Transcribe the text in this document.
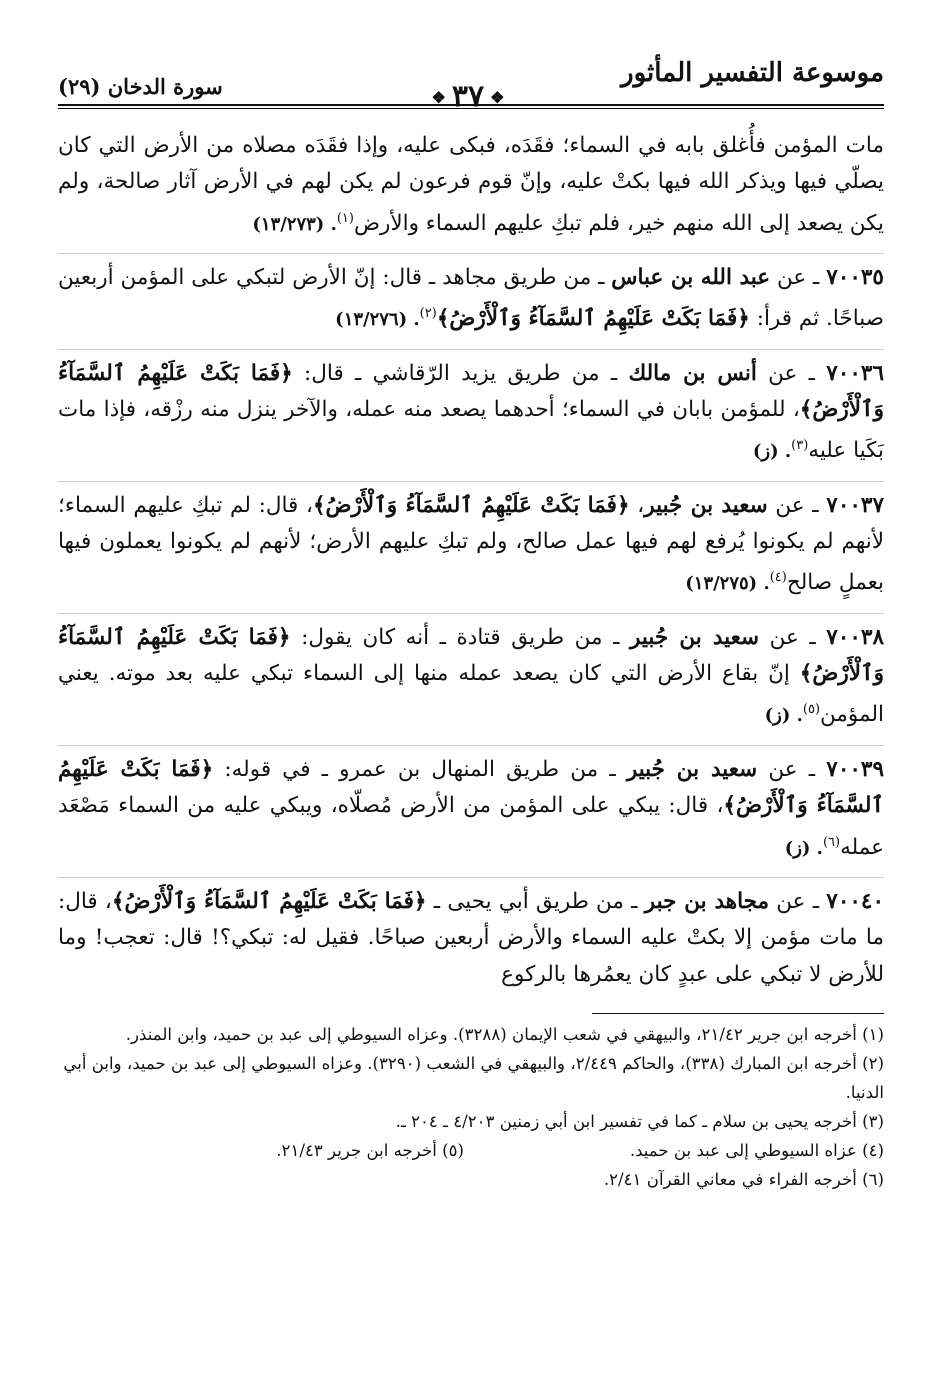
موسوعة التفسير المأثور
❖٣٧❖
سورة الدخان (٢٩)

مات المؤمن فأُغلق بابه في السماء؛ فقَدَه، فبكى عليه، وإذا فقَدَه مصلاه من الأرض التي كان يصلّي فيها ويذكر الله فيها بكتْ عليه، وإنّ قوم فرعون لم يكن لهم في الأرض آثار صالحة، ولم يكن يصعد إلى الله منهم خير، فلم تبكِ عليهم السماء والأرض$^{(١)}$. (١٣/٢٧٣)

٧٠٠٣٥ ـ عن عبد الله بن عباس ـ من طريق مجاهد ـ قال: إنّ الأرض لتبكي على المؤمن أربعين صباحًا. ثم قرأ: ﴿فَمَا بَكَتْ عَلَيْهِمُ ٱلسَّمَآءُ وَٱلْأَرْضُ﴾$^{(٢)}$. (١٣/٢٧٦)

٧٠٠٣٦ ـ عن أنس بن مالك ـ من طريق يزيد الرّقاشي ـ قال: ﴿فَمَا بَكَتْ عَلَيْهِمُ ٱلسَّمَآءُ وَٱلْأَرْضُ﴾، للمؤمن بابان في السماء؛ أحدهما يصعد منه عمله، والآخر ينزل منه رزْقه، فإذا مات بَكَيا عليه$^{(٣)}$. (ز)

٧٠٠٣٧ ـ عن سعيد بن جُبير، ﴿فَمَا بَكَتْ عَلَيْهِمُ ٱلسَّمَآءُ وَٱلْأَرْضُ﴾، قال: لم تبكِ عليهم السماء؛ لأنهم لم يكونوا يُرفع لهم فيها عمل صالح، ولم تبكِ عليهم الأرض؛ لأنهم لم يكونوا يعملون فيها بعملٍ صالح$^{(٤)}$. (١٣/٢٧٥)

٧٠٠٣٨ ـ عن سعيد بن جُبير ـ من طريق قتادة ـ أنه كان يقول: ﴿فَمَا بَكَتْ عَلَيْهِمُ ٱلسَّمَآءُ وَٱلْأَرْضُ﴾ إنّ بقاع الأرض التي كان يصعد عمله منها إلى السماء تبكي عليه بعد موته. يعني المؤمن$^{(٥)}$. (ز)

٧٠٠٣٩ ـ عن سعيد بن جُبير ـ من طريق المنهال بن عمرو ـ في قوله: ﴿فَمَا بَكَتْ عَلَيْهِمُ ٱلسَّمَآءُ وَٱلْأَرْضُ﴾، قال: يبكي على المؤمن من الأرض مُصلّاه، ويبكي عليه من السماء مَصْعَد عمله$^{(٦)}$. (ز)

٧٠٠٤٠ ـ عن مجاهد بن جبر ـ من طريق أبي يحيى ـ ﴿فَمَا بَكَتْ عَلَيْهِمُ ٱلسَّمَآءُ وَٱلْأَرْضُ﴾، قال: ما مات مؤمن إلا بكتْ عليه السماء والأرض أربعين صباحًا. فقيل له: تبكي؟! قال: تعجب! وما للأرض لا تبكي على عبدٍ كان يعمُرها بالركوع

(١) أخرجه ابن جرير ٢١/٤٢، والبيهقي في شعب الإيمان (٣٢٨٨). وعزاه السيوطي إلى عبد بن حميد، وابن المنذر.

(٢) أخرجه ابن المبارك (٣٣٨)، والحاكم ٢/٤٤٩، والبيهقي في الشعب (٣٢٩٠). وعزاه السيوطي إلى عبد بن حميد، وابن أبي الدنيا.

(٣) أخرجه يحيى بن سلام ـ كما في تفسير ابن أبي زمنين ٤/٢٠٣ ـ ٢٠٤ ـ.

(٤) عزاه السيوطي إلى عبد بن حميد.
(٥) أخرجه ابن جرير ٢١/٤٣.

(٦) أخرجه الفراء في معاني القرآن ٢/٤١.
